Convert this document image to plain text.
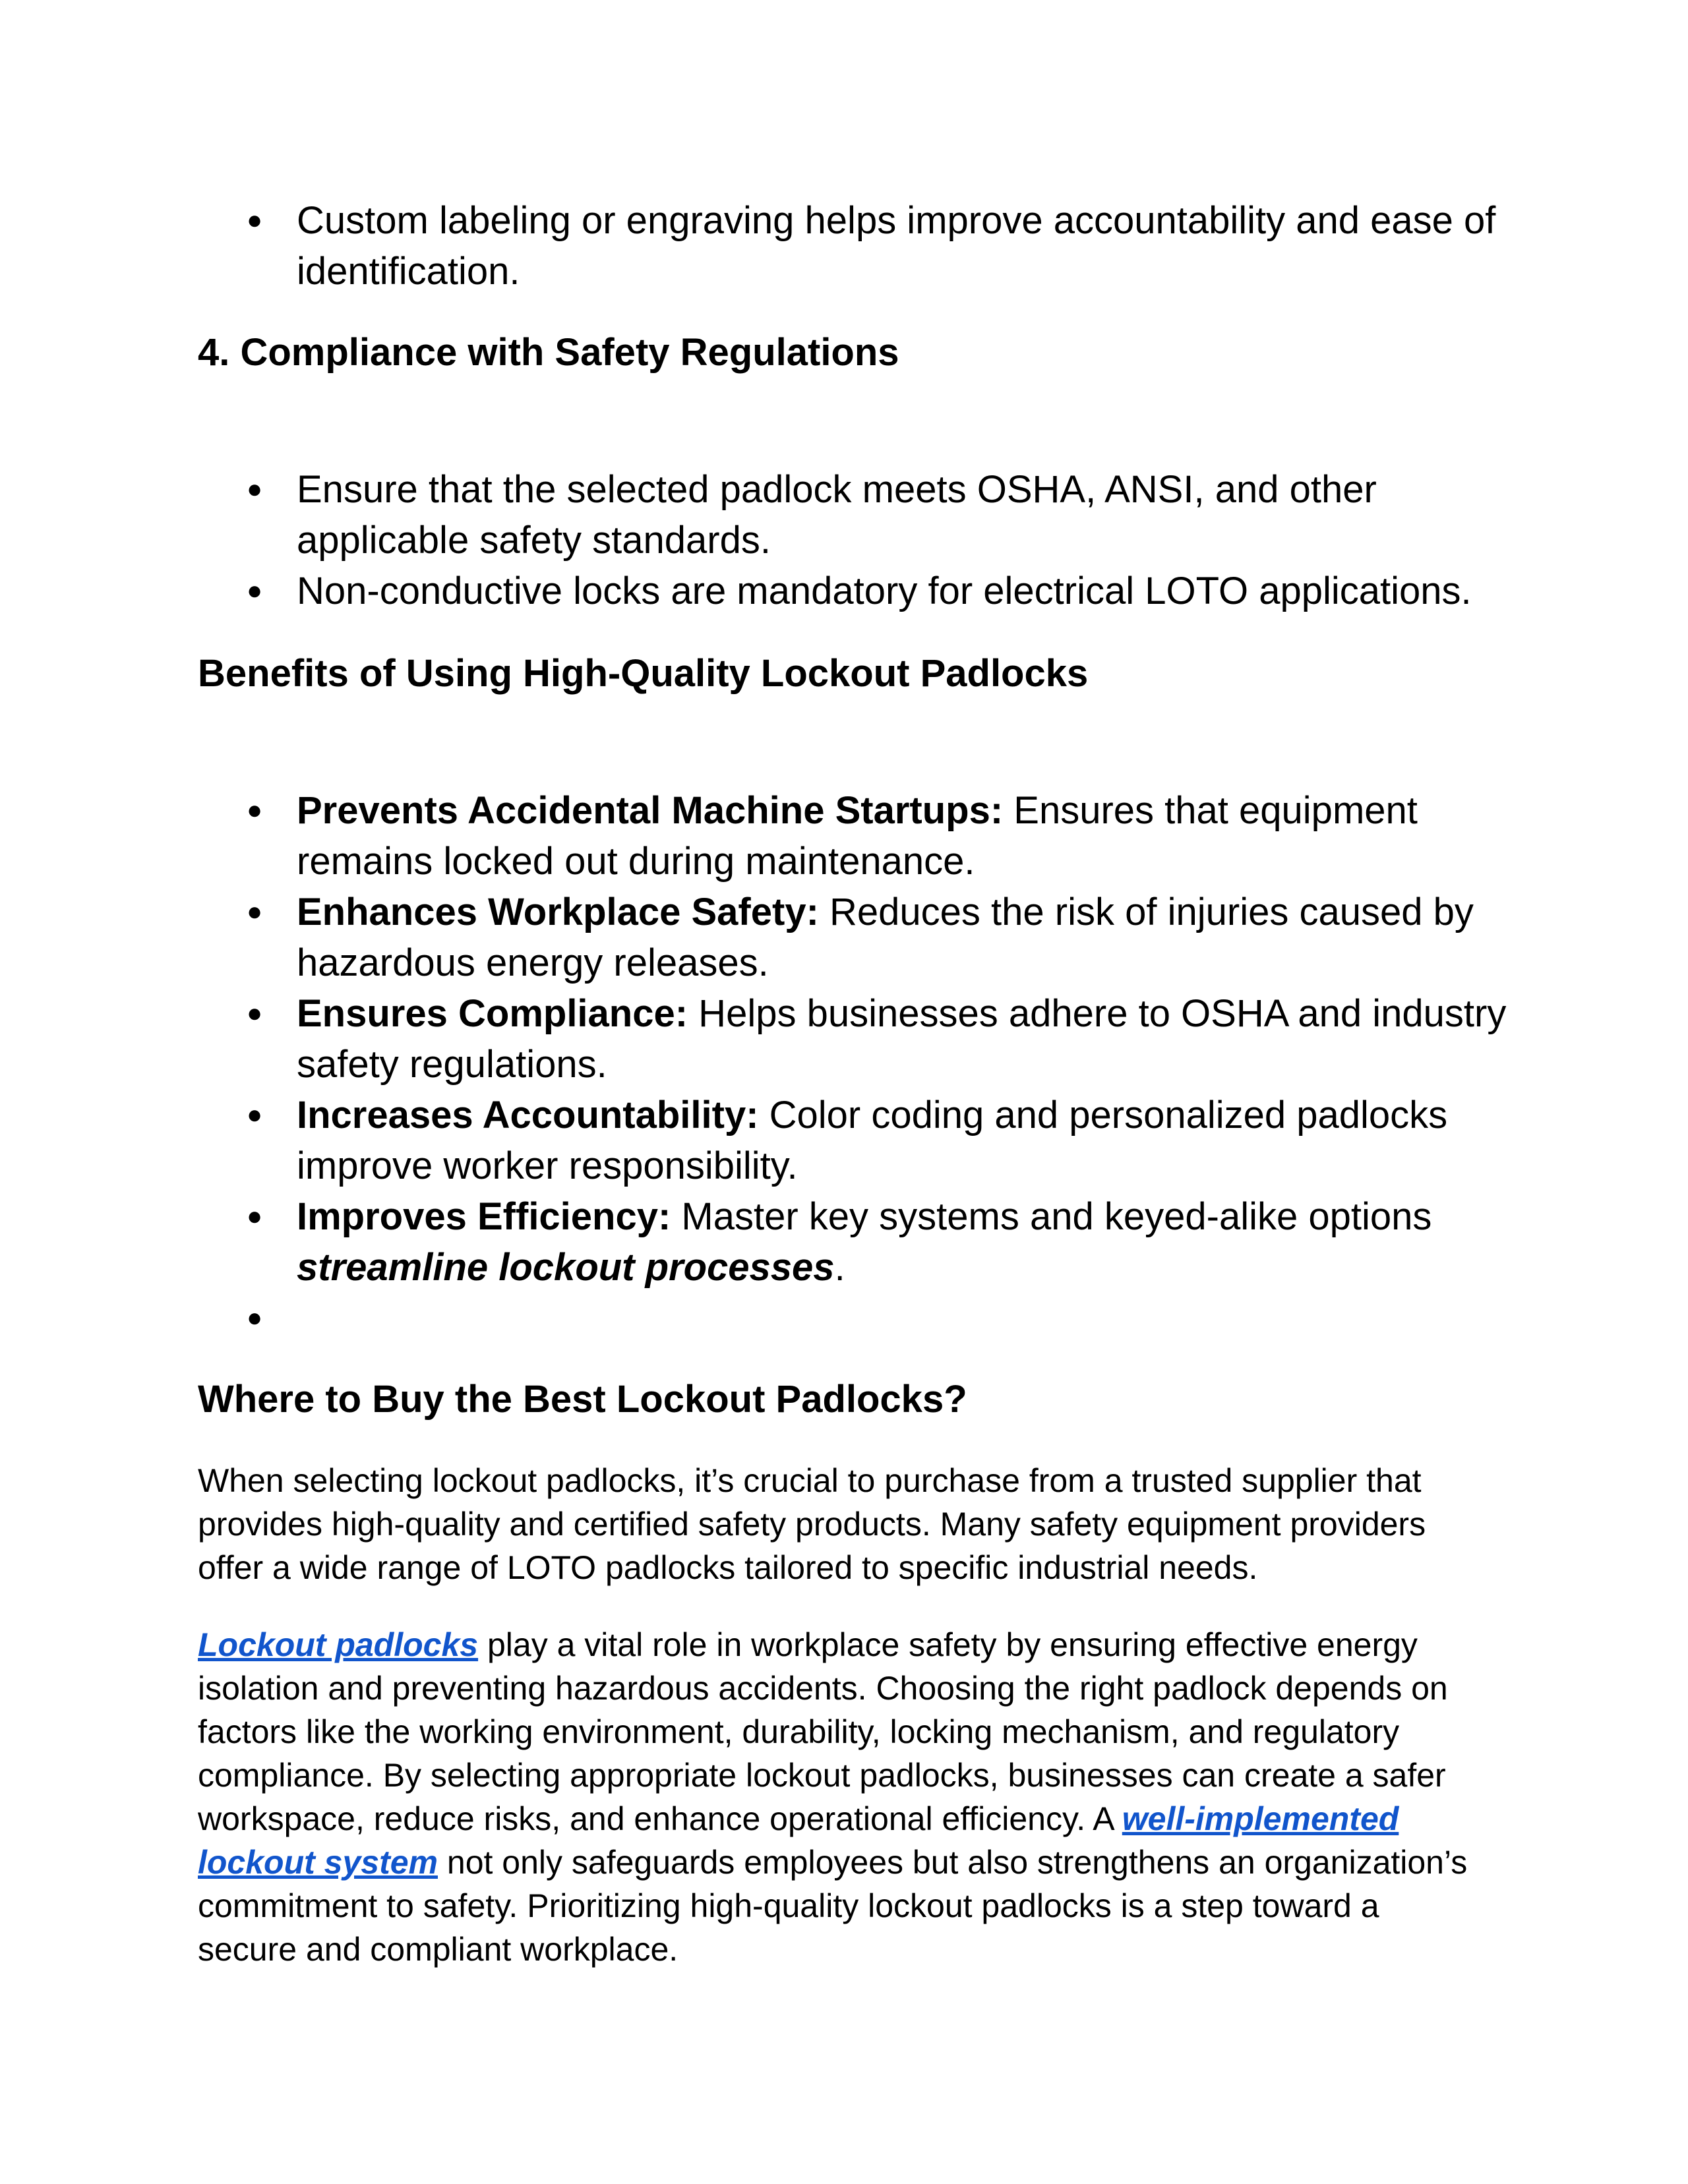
● Custom labeling or engraving helps improve accountability and ease of identification.
4. Compliance with Safety Regulations
● Ensure that the selected padlock meets OSHA, ANSI, and other applicable safety standards.
● Non-conductive locks are mandatory for electrical LOTO applications.
Benefits of Using High-Quality Lockout Padlocks
● Prevents Accidental Machine Startups: Ensures that equipment remains locked out during maintenance.
● Enhances Workplace Safety: Reduces the risk of injuries caused by hazardous energy releases.
● Ensures Compliance: Helps businesses adhere to OSHA and industry safety regulations.
● Increases Accountability: Color coding and personalized padlocks improve worker responsibility.
● Improves Efficiency: Master key systems and keyed-alike options streamline lockout processes.
●

Where to Buy the Best Lockout Padlocks?

When selecting lockout padlocks, it’s crucial to purchase from a trusted supplier that provides high-quality and certified safety products. Many safety equipment providers offer a wide range of LOTO padlocks tailored to specific industrial needs.

Lockout padlocks play a vital role in workplace safety by ensuring effective energy isolation and preventing hazardous accidents. Choosing the right padlock depends on factors like the working environment, durability, locking mechanism, and regulatory compliance. By selecting appropriate lockout padlocks, businesses can create a safer workspace, reduce risks, and enhance operational efficiency. A well-implemented lockout system not only safeguards employees but also strengthens an organization’s commitment to safety. Prioritizing high-quality lockout padlocks is a step toward a secure and compliant workplace.
